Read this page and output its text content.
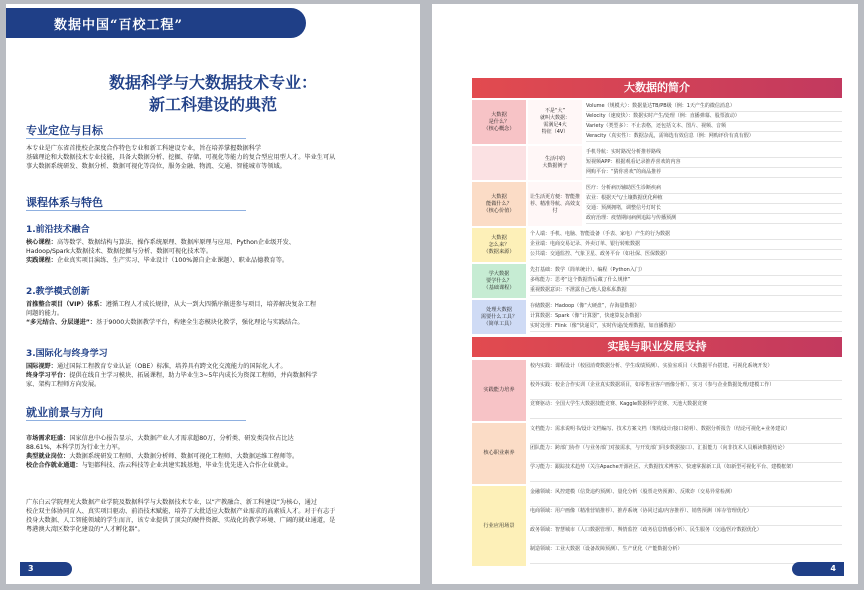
数据中国“百校工程”
数据科学与大数据技术专业：
新工科建设的典范
专业定位与目标
本专业是广东省首批校企深度合作特色专业和新工科建设专业，旨在培养掌握数据科学
基础理论和大数据技术专业技能，具备大数据分析、挖掘、存储、可视化等能力的复合型应用型人才。毕业生可从
事大数据系统研发、数据分析、数据可视化等岗位，服务金融、物流、交通、智能城市等领域。
课程体系与特色
1.前沿技术融合
核心课程：高等数学、数据结构与算法、操作系统原理、数据库原理与应用、Python企业级开发、
Hadoop/Spark大数据技术、数据挖掘与分析、数据可视化技术等。
实践课程：企业真实项目演练、生产实习、毕业设计（100%源自企业课题）、职业品德教育等。
2.教学模式创新
首推整合项目（VIP）体系：遵循工程人才成长规律，从大一到大四循序渐进参与项目，培养解决复杂工程
问题的能力。
“多元结合、分层递进”：基于9000大数据教学平台，构建全生态模块化教学，强化理论与实践结合。
3.国际化与终身学习
国际视野：通过国际工程教育专业认证（OBE）标准，培养具有跨文化交流能力的国际化人才。
终身学习平台：提供在线自主学习模块、拓展课程，助力毕业生3~5年内成长为资深工程师，并向数据科学
家、架构工程师方向发展。
就业前景与方向
市场需求旺盛：国家信息中心报告显示，大数据产业人才需求超80万，分析类、研发类岗位占比达
88.61%，本科学历为行业主力军。
典型就业岗位：大数据系统研发工程师、大数据分析师、数据可视化工程师、大数据运维工程师等。
校企合作就业通道：与钜都科技、浩云科技等企业共建实践基地，毕业生优先进入合作企业就业。
广东白云学院理光大数据产业学院及数据科学与大数据技术专业，以“产教融合、新工科建设”为核心，通过
校企双主体协同育人、真实项目驱动、前沿技术赋能，培养了大批适应大数据产业需求的高素质人才。对于有志于
投身大数据、人工智能领域的学生而言，该专业提供了顶尖的硬件资源、实战化的教学环境、广阔的就业通道，是
粤港澳大湾区数字化建设的“人才孵化器”。
3
大数据的简介
大数据
是什么？
（核心概念）
不是“大”
就叫大数据：
需满足4大
特征（4V）
Volume（规模大）：数据量达TB/PB级（例：1天产生的微信消息）
Velocity（速度快）：数据实时产生/处理（例：直播弹幕、股票波动）
Variety（类型多）：不止表格，还包括文本、图片、视频、音频
Veracity（真实性）：数据杂乱，需筛选有效信息（例：网购评价有真有假）
生活中的
大数据例子
手机导航：实时路况分析推荐路线
短视频APP：根据观看记录推荐喜欢的内容
网购平台：“猜你喜欢”的商品推荐
大数据
能做什么？
（核心价值）
让生活更方便：智能推荐、精准导航、高效支付
医疗：分析病历辅助医生诊断疾病
农业：根据天气/土壤数据优化种植
交通：预测拥堵，调整信号灯时长
政府治理：疫情期间病例追踪与传播预测
大数据
怎么来？
（数据来源）
个人端：手机、电脑、智能设备（手表、家电）产生的行为数据
企业端：电商交易记录、外卖订单、银行转账数据
公共端：交通监控、气象卫星、政务平台（如社保、医保数据）
学大数据
要学什么？
（基础课程）
先打基础：数学（简单统计）、编程（Python入门）
多练能力：思考“这个数据背后藏了什么规律”
重视数据意识：不泄露自己/他人隐私私数据
处理大数据
需要什么工具？
（简单工具）
存储数据：Hadoop（像“大硬盘”，存海量数据）
计算数据：Spark（像“计算器”，快速算复杂数据）
实时处理：Flink（像“快递员”，实时传递/处理数据，如直播数据）
实践与职业发展支持
实践能力培养
校内实践：课程设计（校园消费数据分析、学生成绩预测）、实验室项目（大数据平台搭建、可视化系统开发）
校外实践：校企合作实训（企业真实数据项目，如零售业客户画像分析）、实习（参与企业数据处理/建模工作）
竞赛驱动：全国大学生大数据技能竞赛、Kaggle数据科学竞赛、天池大数据竞赛
核心职业素养
文档能力：需求说明书/设计文档编写、技术方案文档（架构设计/接口说明）、数据分析报告（结论可视化+业务建议）
团队能力：跨部门协作（与业务部门对接需求，与开发部门同步数据接口）、汇报能力（向非技术人员解读数据结论）
学习能力：跟踪技术趋势（关注Apache开源社区、大数据技术博客）、快速掌握新工具（如新型可视化平台、建模框架）
行业应用场景
金融领域：风控建模（信贷违约预测）、量化分析（股票走势预测）、反欺诈（交易异常检测）
电商领域：用户画像（精准营销推荐）、推荐系统（协同过滤/内容推荐）、销售预测（库存管理优化）
政务领域：智慧城市（人口数据管理）、舆情监控（政务信息情感分析）、民生服务（交通/医疗数据优化）
制造领域：工业大数据（设备故障预测）、生产优化（产能数据分析）
4
